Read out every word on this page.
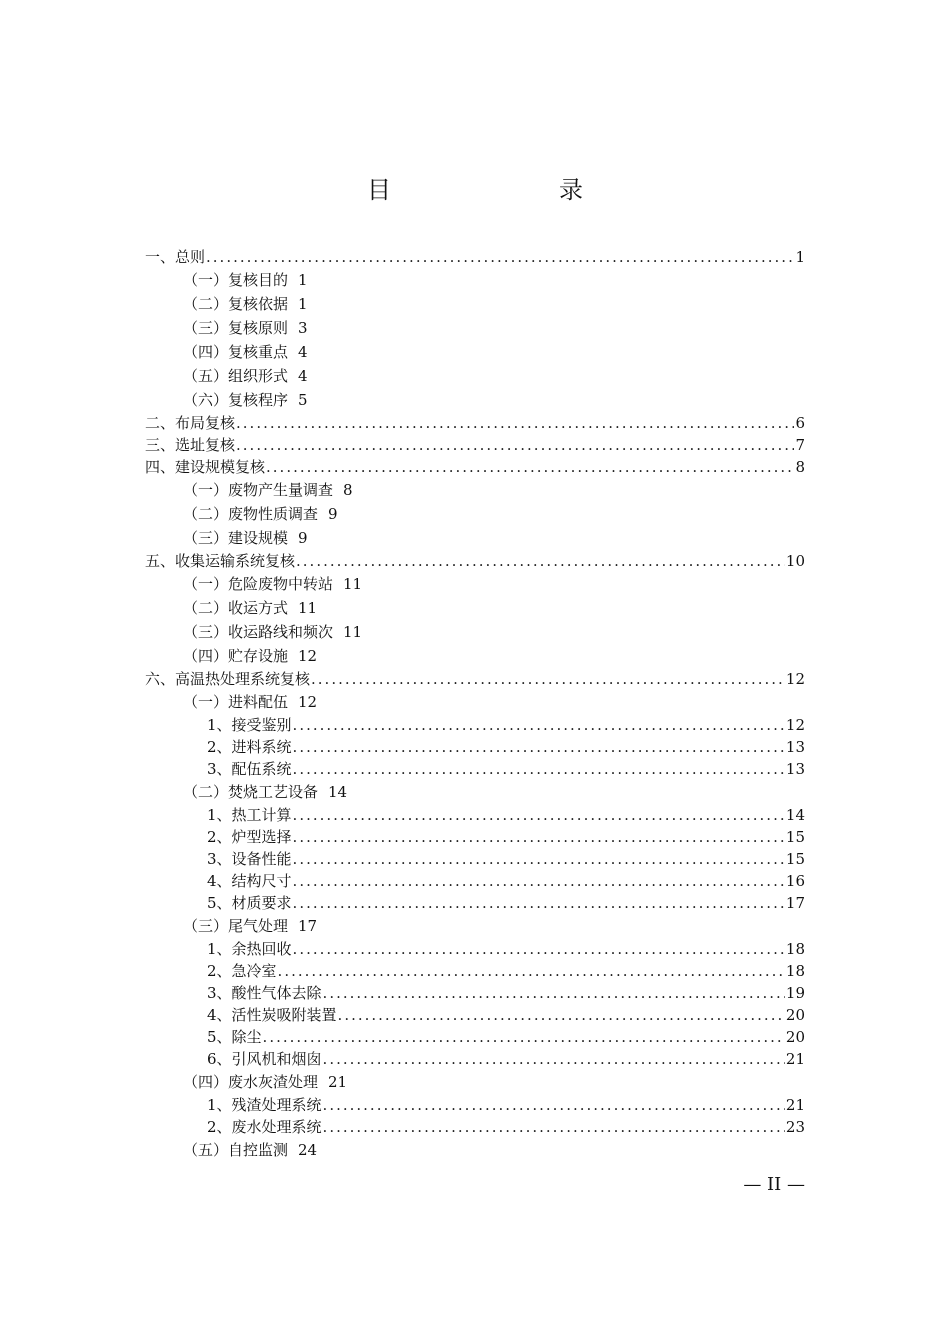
目　　录
一、总则 .....	1
（一）复核目的 1
（二）复核依据 1
（三）复核原则 3
（四）复核重点 4
（五）组织形式 4
（六）复核程序 5
二、布局复核 .....	6
三、选址复核 .....	7
四、建设规模复核 .....	8
（一）废物产生量调查 8
（二）废物性质调查 9
（三）建设规模 9
五、收集运输系统复核 .....	10
（一）危险废物中转站 11
（二）收运方式 11
（三）收运路线和频次 11
（四）贮存设施 12
六、高温热处理系统复核 .....	12
（一）进料配伍 12
1、接受鉴别 .....	12
2、进料系统 .....	13
3、配伍系统 .....	13
（二）焚烧工艺设备 14
1、热工计算 .....	14
2、炉型选择 .....	15
3、设备性能 .....	15
4、结构尺寸 .....	16
5、材质要求 .....	17
（三）尾气处理 17
1、余热回收 .....	18
2、急冷室 .....	18
3、酸性气体去除 .....	19
4、活性炭吸附装置 .....	20
5、除尘 .....	20
6、引风机和烟囱 .....	21
（四）废水灰渣处理 21
1、残渣处理系统 .....	21
2、废水处理系统 .....	23
（五）自控监测 24
— II —
